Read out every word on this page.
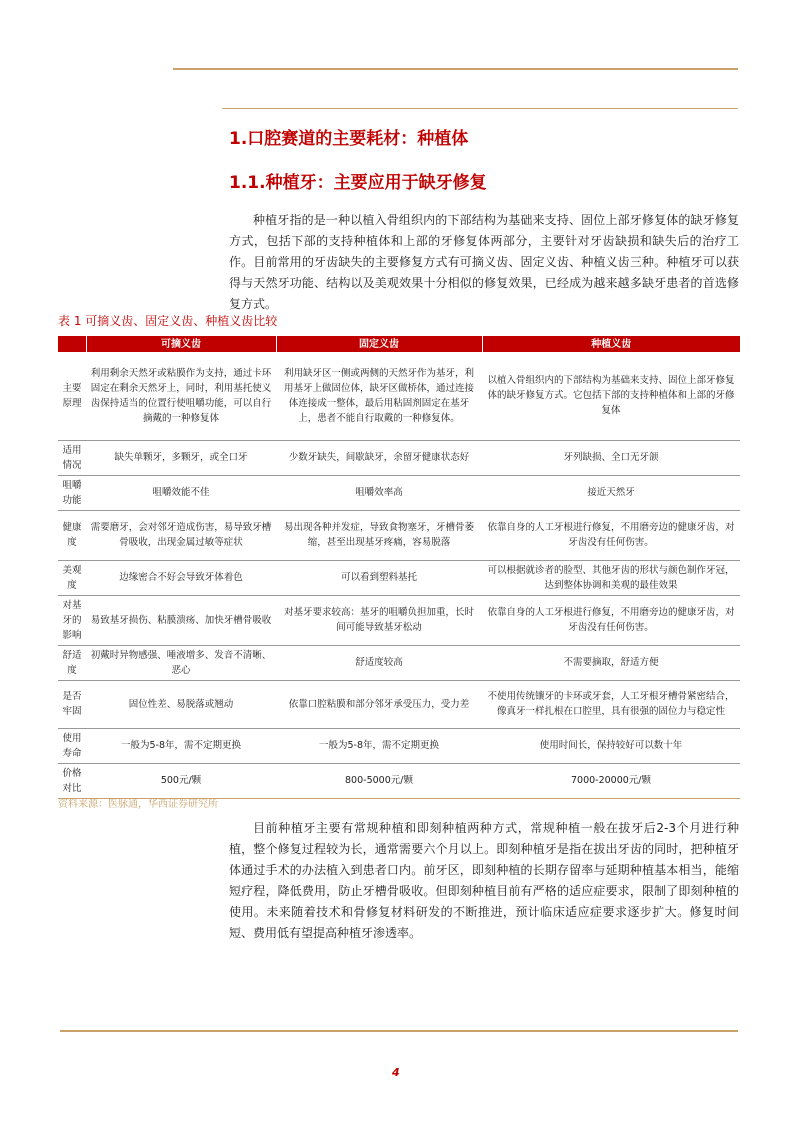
1.口腔赛道的主要耗材：种植体
1.1.种植牙：主要应用于缺牙修复

种植牙指的是一种以植入骨组织内的下部结构为基础来支持、固位上部牙修复体的缺牙修复方式，包括下部的支持种植体和上部的牙修复体两部分，主要针对牙齿缺损和缺失后的治疗工作。目前常用的牙齿缺失的主要修复方式有可摘义齿、固定义齿、种植义齿三种。种植牙可以获得与天然牙功能、结构以及美观效果十分相似的修复效果，已经成为越来越多缺牙患者的首选修复方式。

表 1 可摘义齿、固定义齿、种植义齿比较
	可摘义齿	固定义齿	种植义齿
主要原理	利用剩余天然牙或粘膜作为支持，通过卡环固定在剩余天然牙上，同时，利用基托使义齿保持适当的位置行使咀嚼功能，可以自行摘戴的一种修复体	利用缺牙区一侧或两侧的天然牙作为基牙，利用基牙上做固位体，缺牙区做桥体，通过连接体连接成一整体，最后用粘固剂固定在基牙上，患者不能自行取戴的一种修复体。	以植入骨组织内的下部结构为基础来支持、固位上部牙修复体的缺牙修复方式。它包括下部的支持种植体和上部的牙修复体
适用情况	缺失单颗牙，多颗牙，或全口牙	少数牙缺失，间歇缺牙，余留牙健康状态好	牙列缺损、全口无牙颌
咀嚼功能	咀嚼效能不佳	咀嚼效率高	接近天然牙
健康度	需要磨牙，会对邻牙造成伤害，易导致牙槽骨吸收，出现金属过敏等症状	易出现各种并发症，导致食物塞牙，牙槽骨萎缩，甚至出现基牙疼痛，容易脱落	依靠自身的人工牙根进行修复，不用磨旁边的健康牙齿，对牙齿没有任何伤害。
美观度	边缘密合不好会导致牙体着色	可以看到塑料基托	可以根据就诊者的脸型、其他牙齿的形状与颜色制作牙冠，达到整体协调和美观的最佳效果
对基牙的影响	易致基牙损伤、粘膜溃疡、加快牙槽骨吸收	对基牙要求较高：基牙的咀嚼负担加重，长时间可能导致基牙松动	依靠自身的人工牙根进行修复，不用磨旁边的健康牙齿，对牙齿没有任何伤害。
舒适度	初戴时异物感强、唾液增多、发音不清晰、恶心	舒适度较高	不需要摘取，舒适方便
是否牢固	固位性差、易脱落或翘动	依靠口腔粘膜和部分邻牙承受压力，受力差	不使用传统镶牙的卡环或牙套，人工牙根牙槽骨紧密结合，像真牙一样扎根在口腔里，具有很强的固位力与稳定性
使用寿命	一般为5-8年，需不定期更换	一般为5-8年，需不定期更换	使用时间长，保持较好可以数十年
价格对比	500元/颗	800-5000元/颗	7000-20000元/颗
资料来源：医脉通，华西证券研究所

目前种植牙主要有常规种植和即刻种植两种方式，常规种植一般在拔牙后2-3个月进行种植，整个修复过程较为长，通常需要六个月以上。即刻种植牙是指在拔出牙齿的同时，把种植牙体通过手术的办法植入到患者口内。前牙区，即刻种植的长期存留率与延期种植基本相当，能缩短疗程，降低费用，防止牙槽骨吸收。但即刻种植目前有严格的适应症要求，限制了即刻种植的使用。未来随着技术和骨修复材料研发的不断推进，预计临床适应症要求逐步扩大。修复时间短、费用低有望提高种植牙渗透率。

4
